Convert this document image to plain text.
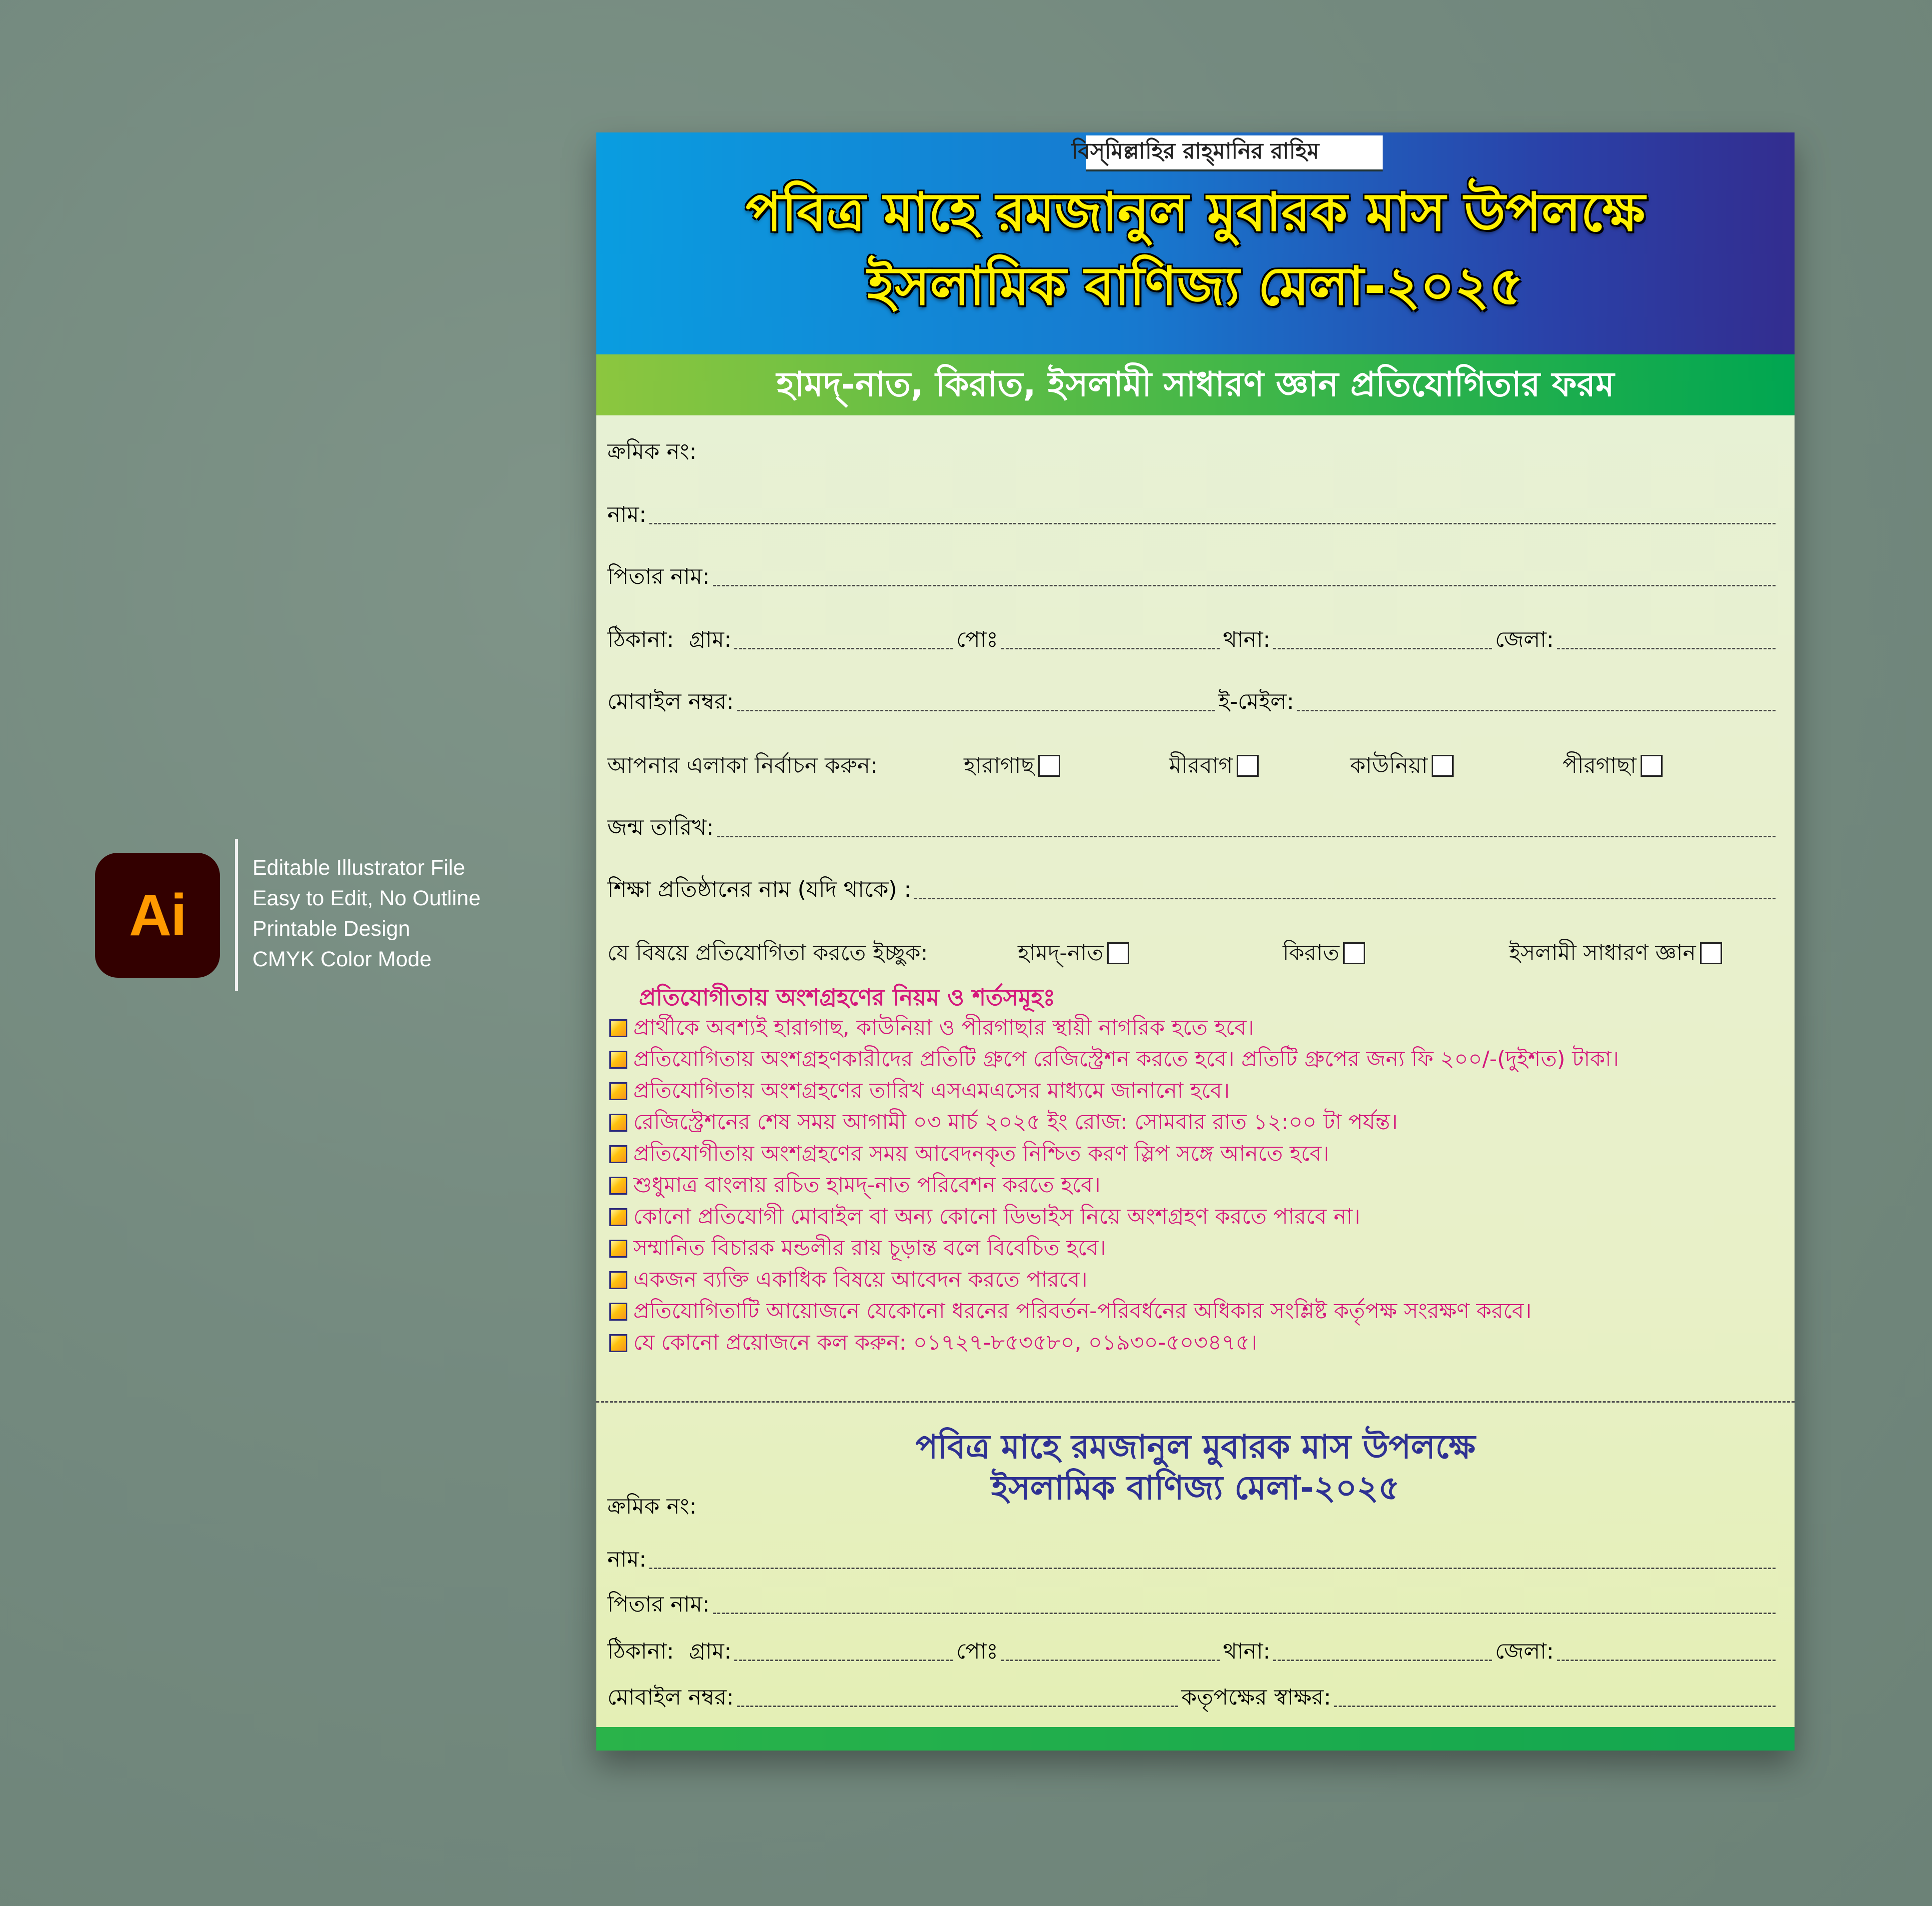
Ai
Editable Illustrator File
Easy to Edit, No Outline
Printable Design
CMYK Color Mode
বিস্‌মিল্লাহির রাহ্‌মানির রাহিম
পবিত্র মাহে রমজানুল মুবারক মাস উপলক্ষে
ইসলামিক বাণিজ্য মেলা-২০২৫
হামদ্-নাত, কিরাত, ইসলামী সাধারণ জ্ঞান প্রতিযোগিতার ফরম
ক্রমিক নং:
নাম:
পিতার নাম:
ঠিকানা: গ্রাম:	পোঃ	থানা:	জেলা:
মোবাইল নম্বর:	ই-মেইল:
আপনার এলাকা নির্বাচন করুন:	হারাগাছ	মীরবাগ	কাউনিয়া	পীরগাছা
জন্ম তারিখ:
শিক্ষা প্রতিষ্ঠানের নাম (যদি থাকে) :
যে বিষয়ে প্রতিযোগিতা করতে ইচ্ছুক:	হামদ্-নাত	কিরাত	ইসলামী সাধারণ জ্ঞান
প্রতিযোগীতায় অংশগ্রহণের নিয়ম ও শর্তসমূহঃ
প্রার্থীকে অবশ্যই হারাগাছ, কাউনিয়া ও পীরগাছার স্থায়ী নাগরিক হতে হবে।
প্রতিযোগিতায় অংশগ্রহণকারীদের প্রতিটি গ্রুপে রেজিস্ট্রেশন করতে হবে। প্রতিটি গ্রুপের জন্য ফি ২০০/-(দুইশত) টাকা।
প্রতিযোগিতায় অংশগ্রহণের তারিখ এসএমএসের মাধ্যমে জানানো হবে।
রেজিস্ট্রেশনের শেষ সময় আগামী ০৩ মার্চ ২০২৫ ইং রোজ: সোমবার রাত ১২:০০ টা পর্যন্ত।
প্রতিযোগীতায় অংশগ্রহণের সময় আবেদনকৃত নিশ্চিত করণ স্লিপ সঙ্গে আনতে হবে।
শুধুমাত্র বাংলায় রচিত হামদ্-নাত পরিবেশন করতে হবে।
কোনো প্রতিযোগী মোবাইল বা অন্য কোনো ডিভাইস নিয়ে অংশগ্রহণ করতে পারবে না।
সম্মানিত বিচারক মন্ডলীর রায় চূড়ান্ত বলে বিবেচিত হবে।
একজন ব্যক্তি একাধিক বিষয়ে আবেদন করতে পারবে।
প্রতিযোগিতাটি আয়োজনে যেকোনো ধরনের পরিবর্তন-পরিবর্ধনের অধিকার সংশ্লিষ্ট কর্তৃপক্ষ সংরক্ষণ করবে।
যে কোনো প্রয়োজনে কল করুন: ০১৭২৭-৮৫৩৫৮০, ০১৯৩০-৫০৩৪৭৫।
পবিত্র মাহে রমজানুল মুবারক মাস উপলক্ষে
ইসলামিক বাণিজ্য মেলা-২০২৫
ক্রমিক নং:
নাম:
পিতার নাম:
ঠিকানা: গ্রাম:	পোঃ	থানা:	জেলা:
মোবাইল নম্বর:	কতৃপক্ষের স্বাক্ষর:
